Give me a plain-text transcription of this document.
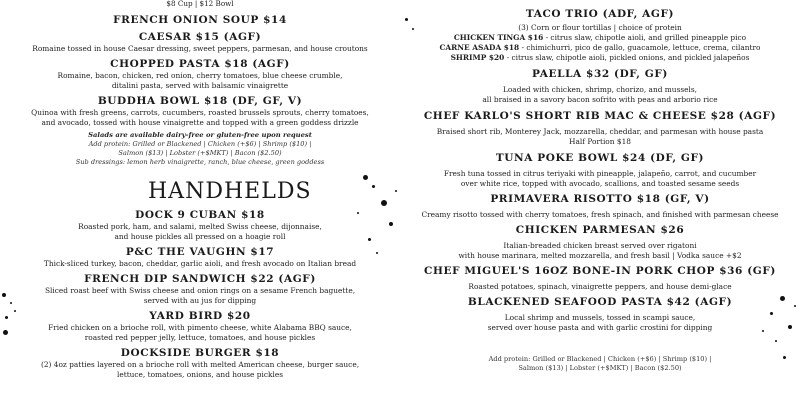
$8 Cup | $12 Bowl
FRENCH ONION SOUP $14
CAESAR $15 (AGF)
Romaine tossed in house Caesar dressing, sweet peppers, parmesan, and house croutons
CHOPPED PASTA $18 (AGF)
Romaine, bacon, chicken, red onion, cherry tomatoes, blue cheese crumble,
ditalini pasta, served with balsamic vinaigrette
BUDDHA BOWL $18 (DF, GF, V)
Quinoa with fresh greens, carrots, cucumbers, roasted brussels sprouts, cherry tomatoes,
and avocado, tossed with house vinaigrette and topped with a green goddess drizzle
Salads are available dairy-free or gluten-free upon request
Add protein: Grilled or Blackened | Chicken (+$6) | Shrimp ($10) |
Salmon ($13) | Lobster (+$MKT) | Bacon ($2.50)
Sub dressings: lemon herb vinaigrette, ranch, blue cheese, green goddess
HANDHELDS
DOCK 9 CUBAN $18
Roasted pork, ham, and salami, melted Swiss cheese, dijonnaise,
and house pickles all pressed on a hoagie roll
P&C THE VAUGHN $17
Thick-sliced turkey, bacon, cheddar, garlic aioli, and fresh avocado on Italian bread
FRENCH DIP SANDWICH $22 (AGF)
Sliced roast beef with Swiss cheese and onion rings on a sesame French baguette,
served with au jus for dipping
YARD BIRD $20
Fried chicken on a brioche roll, with pimento cheese, white Alabama BBQ sauce,
roasted red pepper jelly, lettuce, tomatoes, and house pickles
DOCKSIDE BURGER $18
(2) 4oz patties layered on a brioche roll with melted American cheese, burger sauce,
lettuce, tomatoes, onions, and house pickles
TACO TRIO (ADF, AGF)
(3) Corn or flour tortillas | choice of protein
CHICKEN TINGA $16 - citrus slaw, chipotle aioli, and grilled pineapple pico
CARNE ASADA $18 - chimichurri, pico de gallo, guacamole, lettuce, crema, cilantro
SHRIMP $20 - citrus slaw, chipotle aioli, pickled onions, and pickled jalapeños
PAELLA $32 (DF, GF)
Loaded with chicken, shrimp, chorizo, and mussels,
all braised in a savory bacon sofrito with peas and arborio rice
CHEF KARLO'S SHORT RIB MAC & CHEESE $28 (AGF)
Braised short rib, Monterey Jack, mozzarella, cheddar, and parmesan with house pasta
Half Portion $18
TUNA POKE BOWL $24 (DF, GF)
Fresh tuna tossed in citrus teriyaki with pineapple, jalapeño, carrot, and cucumber
over white rice, topped with avocado, scallions, and toasted sesame seeds
PRIMAVERA RISOTTO $18 (GF, V)
Creamy risotto tossed with cherry tomatoes, fresh spinach, and finished with parmesan cheese
CHICKEN PARMESAN $26
Italian-breaded chicken breast served over rigatoni
with house marinara, melted mozzarella, and fresh basil | Vodka sauce +$2
CHEF MIGUEL'S 16OZ BONE-IN PORK CHOP $36 (GF)
Roasted potatoes, spinach, vinaigrette peppers, and house demi-glace
BLACKENED SEAFOOD PASTA $42 (AGF)
Local shrimp and mussels, tossed in scampi sauce,
served over house pasta and with garlic crostini for dipping
Add protein: Grilled or Blackened | Chicken (+$6) | Shrimp ($10) |
Salmon ($13) | Lobster (+$MKT) | Bacon ($2.50)
